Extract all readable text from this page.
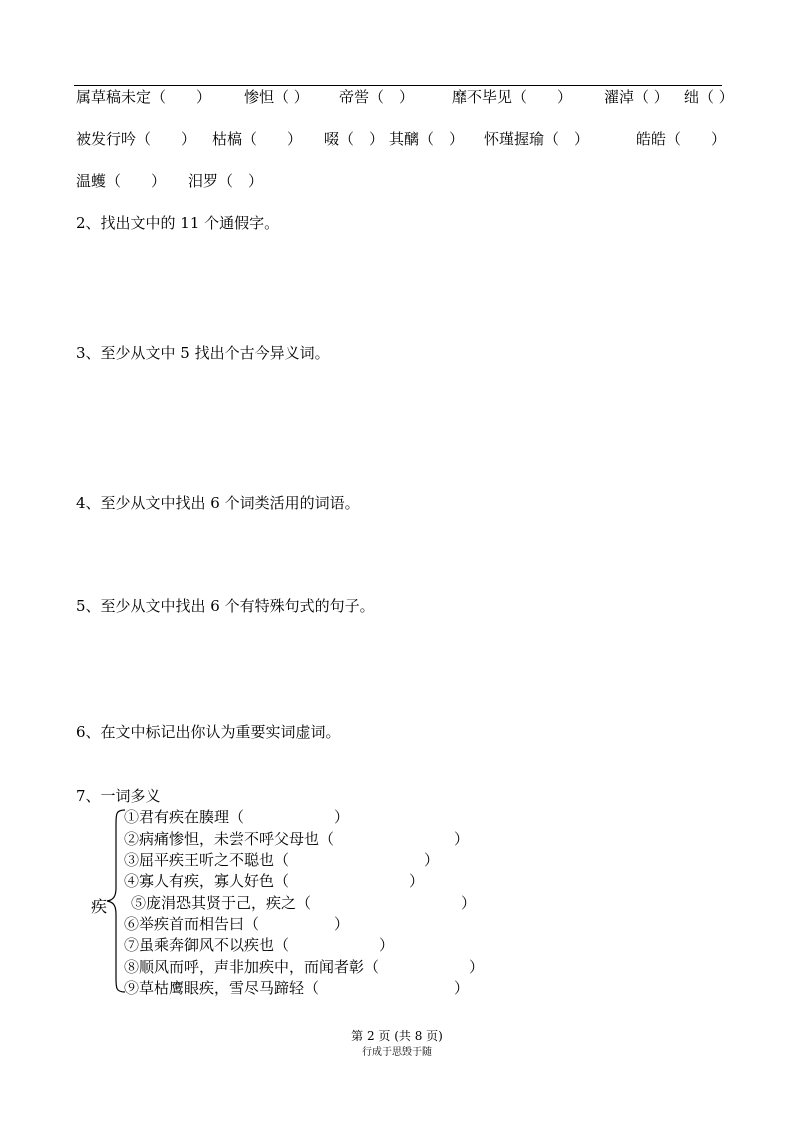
属草稿未定（　　） 惨怛（ ） 帝喾（　）	靡不毕见（　　） 濯淖（ ） 绌（ ）
被发行吟（　　） 枯槁（　　） 啜（　） 其醨（　） 怀瑾握瑜（　）	皓皓（　　）
温蠖（　　） 汨罗（　）
2、找出文中的 11 个通假字。
3、至少从文中 5 找出个古今异义词。
4、至少从文中找出 6 个词类活用的词语。
5、至少从文中找出 6 个有特殊句式的句子。
6、在文中标记出你认为重要实词虚词。
7、一词多义
疾
①君有疾在腠理（　　　　　　）
②病痛惨怛，未尝不呼父母也（　　　　　　　　）
③屈平疾王听之不聪也（　　　　　　　　　）
④寡人有疾，寡人好色（　　　　　　　　）
⑤庞涓恐其贤于己，疾之（　　　　　　　　　　）
⑥举疾首而相告曰（　　　　　）
⑦虽乘奔御风不以疾也（　　　　　　）
⑧顺风而呼，声非加疾中，而闻者彰（　　　　　　）
⑨草枯鹰眼疾，雪尽马蹄轻（　　　　　　　　　）
第 2 页 (共 8 页)
行成于思毁于随
